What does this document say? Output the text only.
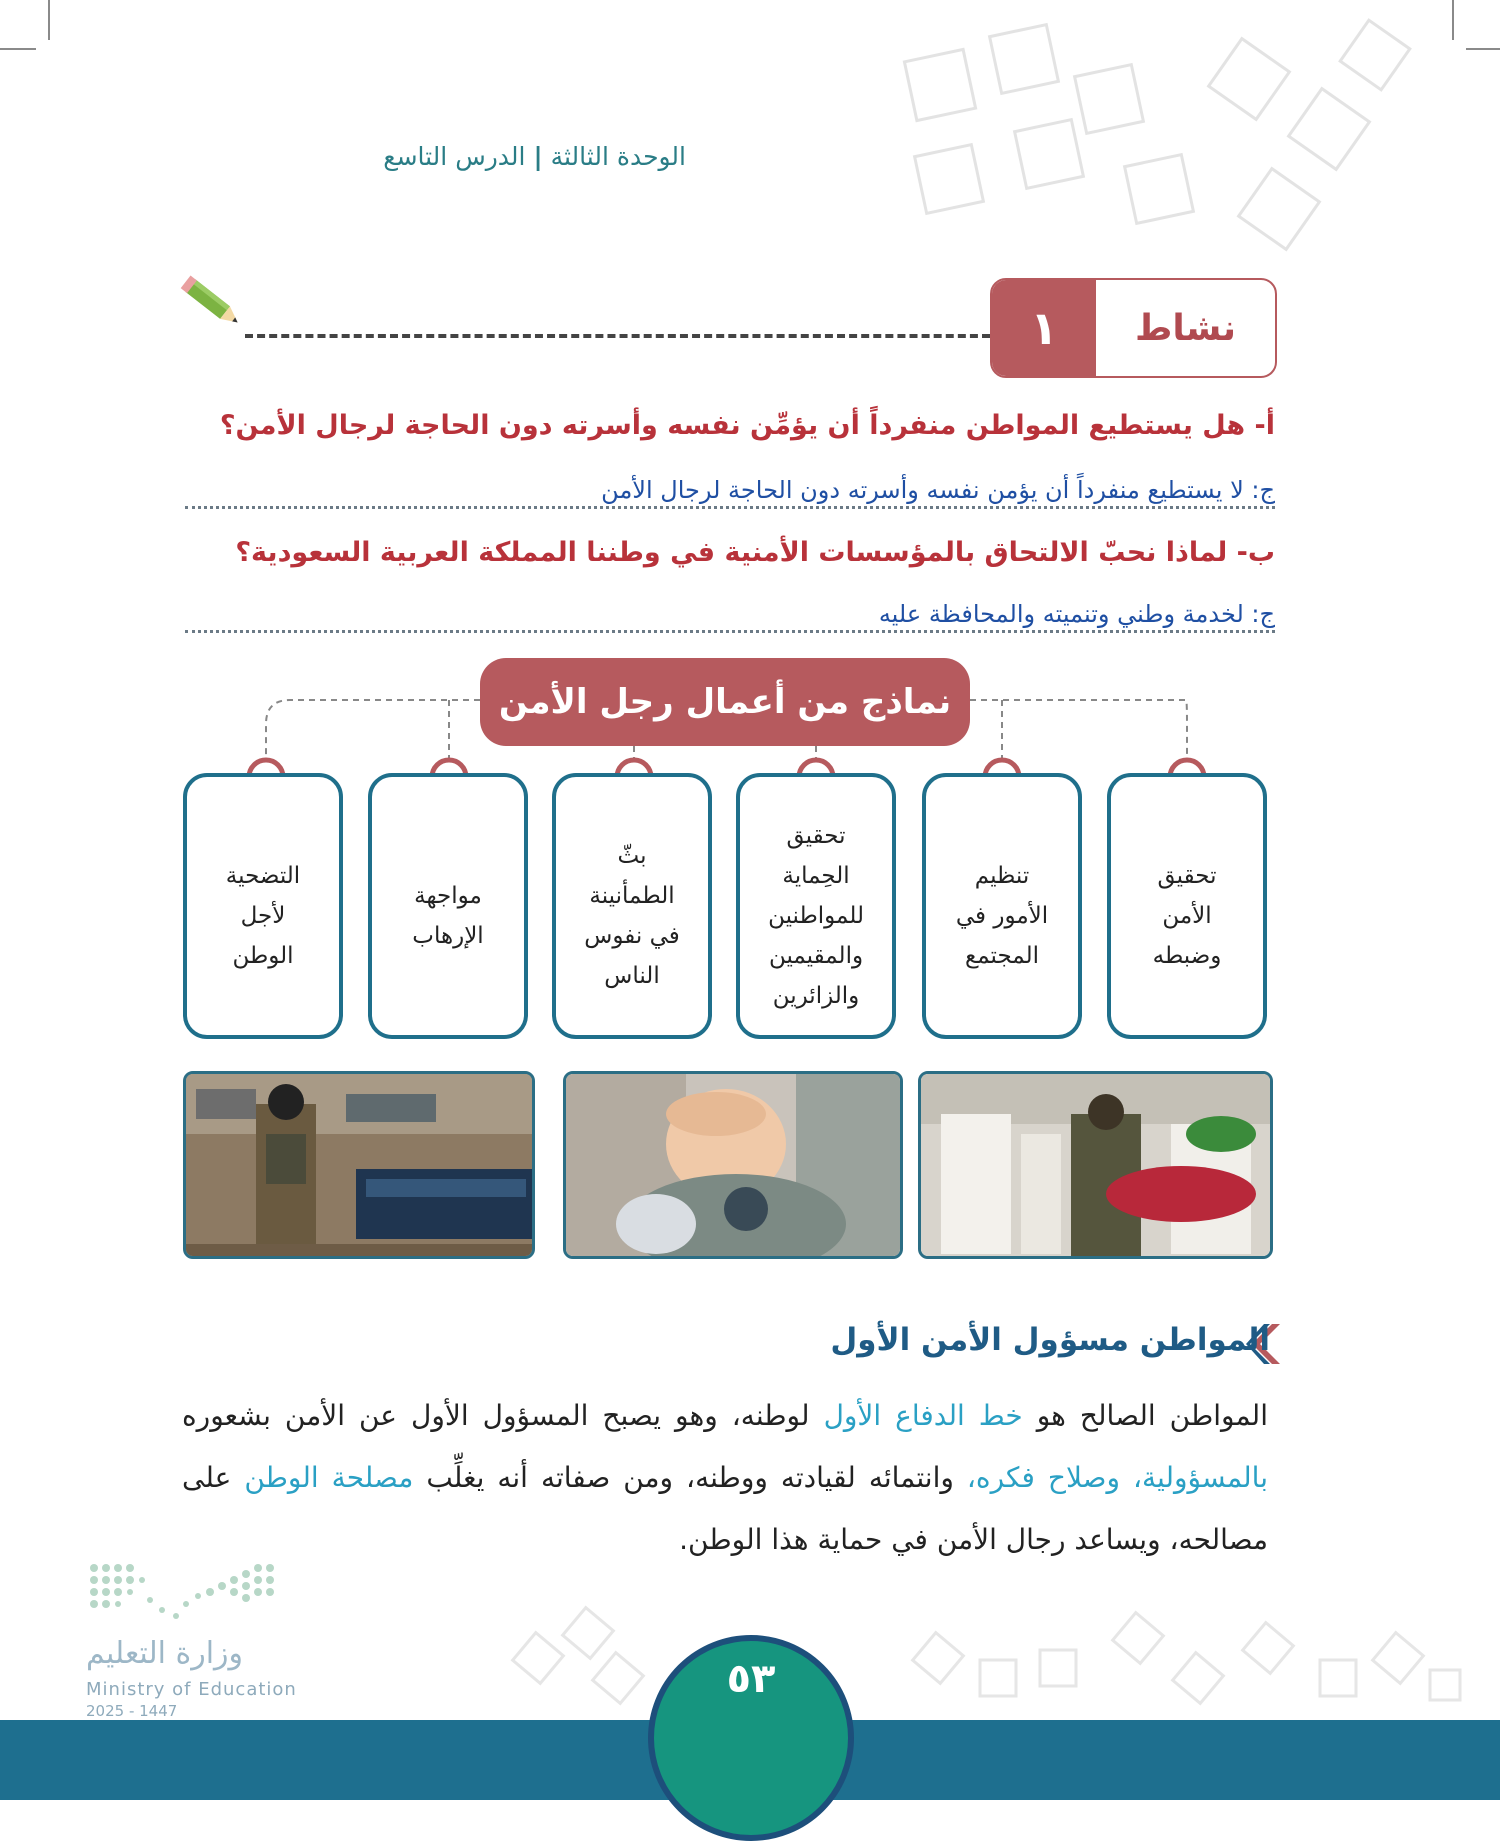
الوحدة الثالثة|الدرس التاسع
١	نشاط
أ- هل يستطيع المواطن منفرداً أن يؤمِّن نفسه وأسرته دون الحاجة لرجال الأمن؟
ج: لا يستطيع منفرداً أن يؤمن نفسه وأسرته دون الحاجة لرجال الأمن
ب- لماذا نحبّ الالتحاق بالمؤسسات الأمنية في وطننا المملكة العربية السعودية؟
ج: لخدمة وطني وتنميته والمحافظة عليه
نماذج من أعمال رجل الأمن
تحقيق
الأمن
وضبطه
تنظيم
الأمور في
المجتمع
تحقيق
الحِماية
للمواطنين
والمقيمين
والزائرين
بثّ
الطمأنينة
في نفوس
الناس
مواجهة
الإرهاب
التضحية
لأجل
الوطن
المواطن مسؤول الأمن الأول
المواطن الصالح هو خط الدفاع الأول لوطنه، وهو يصبح المسؤول الأول عن الأمن بشعوره بالمسؤولية، وصلاح فكره، وانتمائه لقيادته ووطنه، ومن صفاته أنه يغلِّب مصلحة الوطن على مصالحه، ويساعد رجال الأمن في حماية هذا الوطن.
وزارة التعليم
Ministry of Education
2025 - 1447
٥٣
